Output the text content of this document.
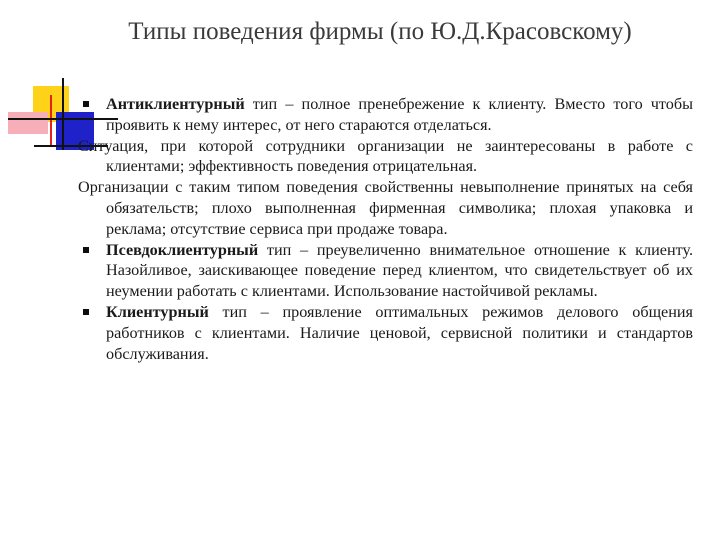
Типы поведения фирмы (по Ю.Д.Красовскому)
Антиклиентурный тип – полное пренебрежение к клиенту. Вместо того чтобы проявить к нему интерес, от него стараются отделаться.
Ситуация, при которой сотрудники организации не заинтересованы в работе с клиентами; эффективность поведения отрицательная.
Организации с таким типом поведения свойственны невыполнение принятых на себя обязательств; плохо выполненная фирменная символика; плохая упаковка и реклама; отсутствие сервиса при продаже товара.
Псевдоклиентурный тип – преувеличенно внимательное отношение к клиенту. Назойливое, заискивающее поведение перед клиентом, что свидетельствует об их неумении работать с клиентами. Использование настойчивой рекламы.
Клиентурный тип – проявление оптимальных режимов делового общения работников с клиентами. Наличие ценовой, сервисной политики и стандартов обслуживания.
